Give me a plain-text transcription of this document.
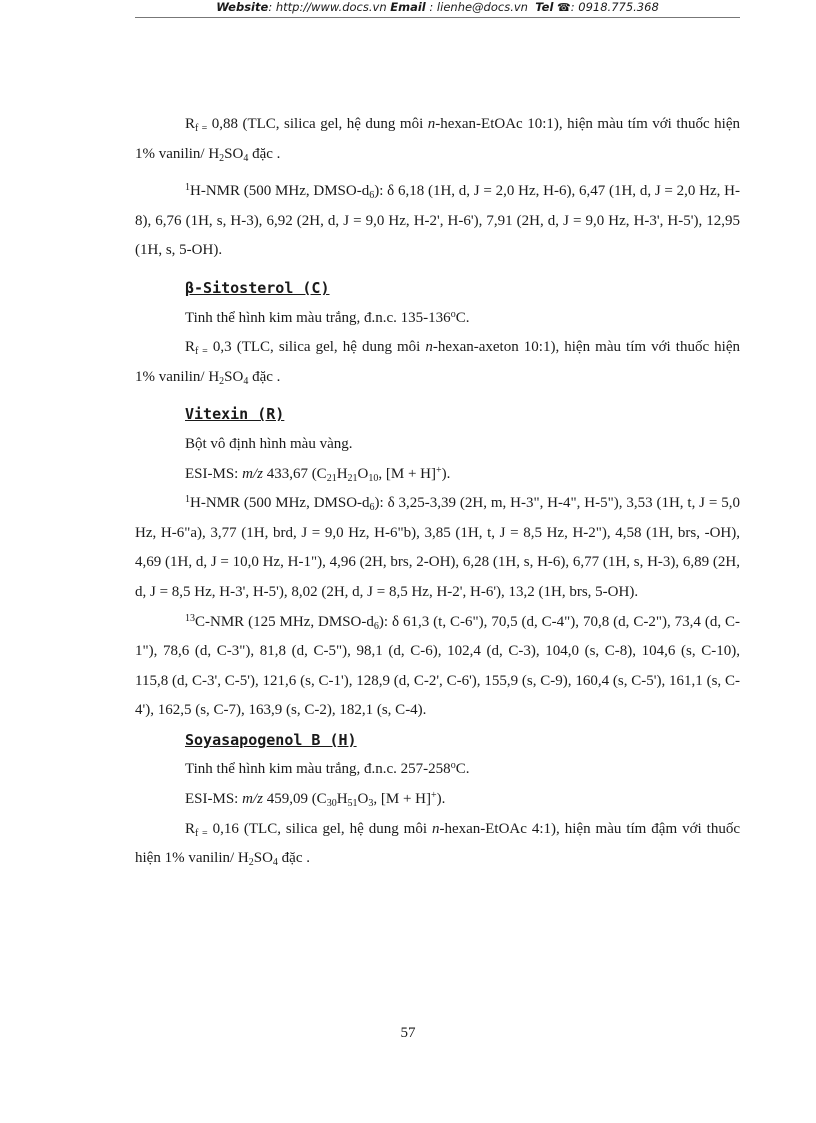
Website: http://www.docs.vn Email : lienhe@docs.vn Tel ☎: 0918.775.368

$R_{f =}$ 0,88 (TLC, silica gel, hệ dung môi n-hexan-EtOAc 10:1), hiện màu tím với thuốc hiện 1% vanilin/ $H_2SO_4$ đặc .

$^1$H-NMR (500 MHz, DMSO-$d_6$): δ 6,18 (1H, d, J = 2,0 Hz, H-6), 6,47 (1H, d, J = 2,0 Hz, H-8), 6,76 (1H, s, H-3), 6,92 (2H, d, J = 9,0 Hz, H-2', H-6'), 7,91 (2H, d, J = 9,0 Hz, H-3', H-5'), 12,95 (1H, s, 5-OH).

β-Sitosterol (C)

Tinh thể hình kim màu trắng, đ.n.c. 135-136$^o$C.

$R_{f =}$ 0,3 (TLC, silica gel, hệ dung môi n-hexan-axeton 10:1), hiện màu tím với thuốc hiện 1% vanilin/ $H_2SO_4$ đặc .

Vitexin (R)

Bột vô định hình màu vàng.

ESI-MS: m/z 433,67 ($C_{21}H_{21}O_{10}$, [M + H]+).

$^1$H-NMR (500 MHz, DMSO-$d_6$): δ 3,25-3,39 (2H, m, H-3", H-4", H-5"), 3,53 (1H, t, J = 5,0 Hz, H-6"a), 3,77 (1H, brd, J = 9,0 Hz, H-6"b), 3,85 (1H, t, J = 8,5 Hz, H-2"), 4,58 (1H, brs, -OH), 4,69 (1H, d, J = 10,0 Hz, H-1"), 4,96 (2H, brs, 2-OH), 6,28 (1H, s, H-6), 6,77 (1H, s, H-3), 6,89 (2H, d, J = 8,5 Hz, H-3', H-5'), 8,02 (2H, d, J = 8,5 Hz, H-2', H-6'), 13,2 (1H, brs, 5-OH).

$^{13}$C-NMR (125 MHz, DMSO-$d_6$): δ 61,3 (t, C-6"), 70,5 (d, C-4"), 70,8 (d, C-2"), 73,4 (d, C-1"), 78,6 (d, C-3"), 81,8 (d, C-5"), 98,1 (d, C-6), 102,4 (d, C-3), 104,0 (s, C-8), 104,6 (s, C-10), 115,8 (d, C-3', C-5'), 121,6 (s, C-1'), 128,9 (d, C-2', C-6'), 155,9 (s, C-9), 160,4 (s, C-5'), 161,1 (s, C-4'), 162,5 (s, C-7), 163,9 (s, C-2), 182,1 (s, C-4).

Soyasapogenol B (H)

Tinh thể hình kim màu trắng, đ.n.c. 257-258$^o$C.

ESI-MS: m/z 459,09 ($C_{30}H_{51}O_3$, [M + H]+).

$R_{f =}$ 0,16 (TLC, silica gel, hệ dung môi n-hexan-EtOAc 4:1), hiện màu tím đậm với thuốc hiện 1% vanilin/ $H_2SO_4$ đặc .

57
